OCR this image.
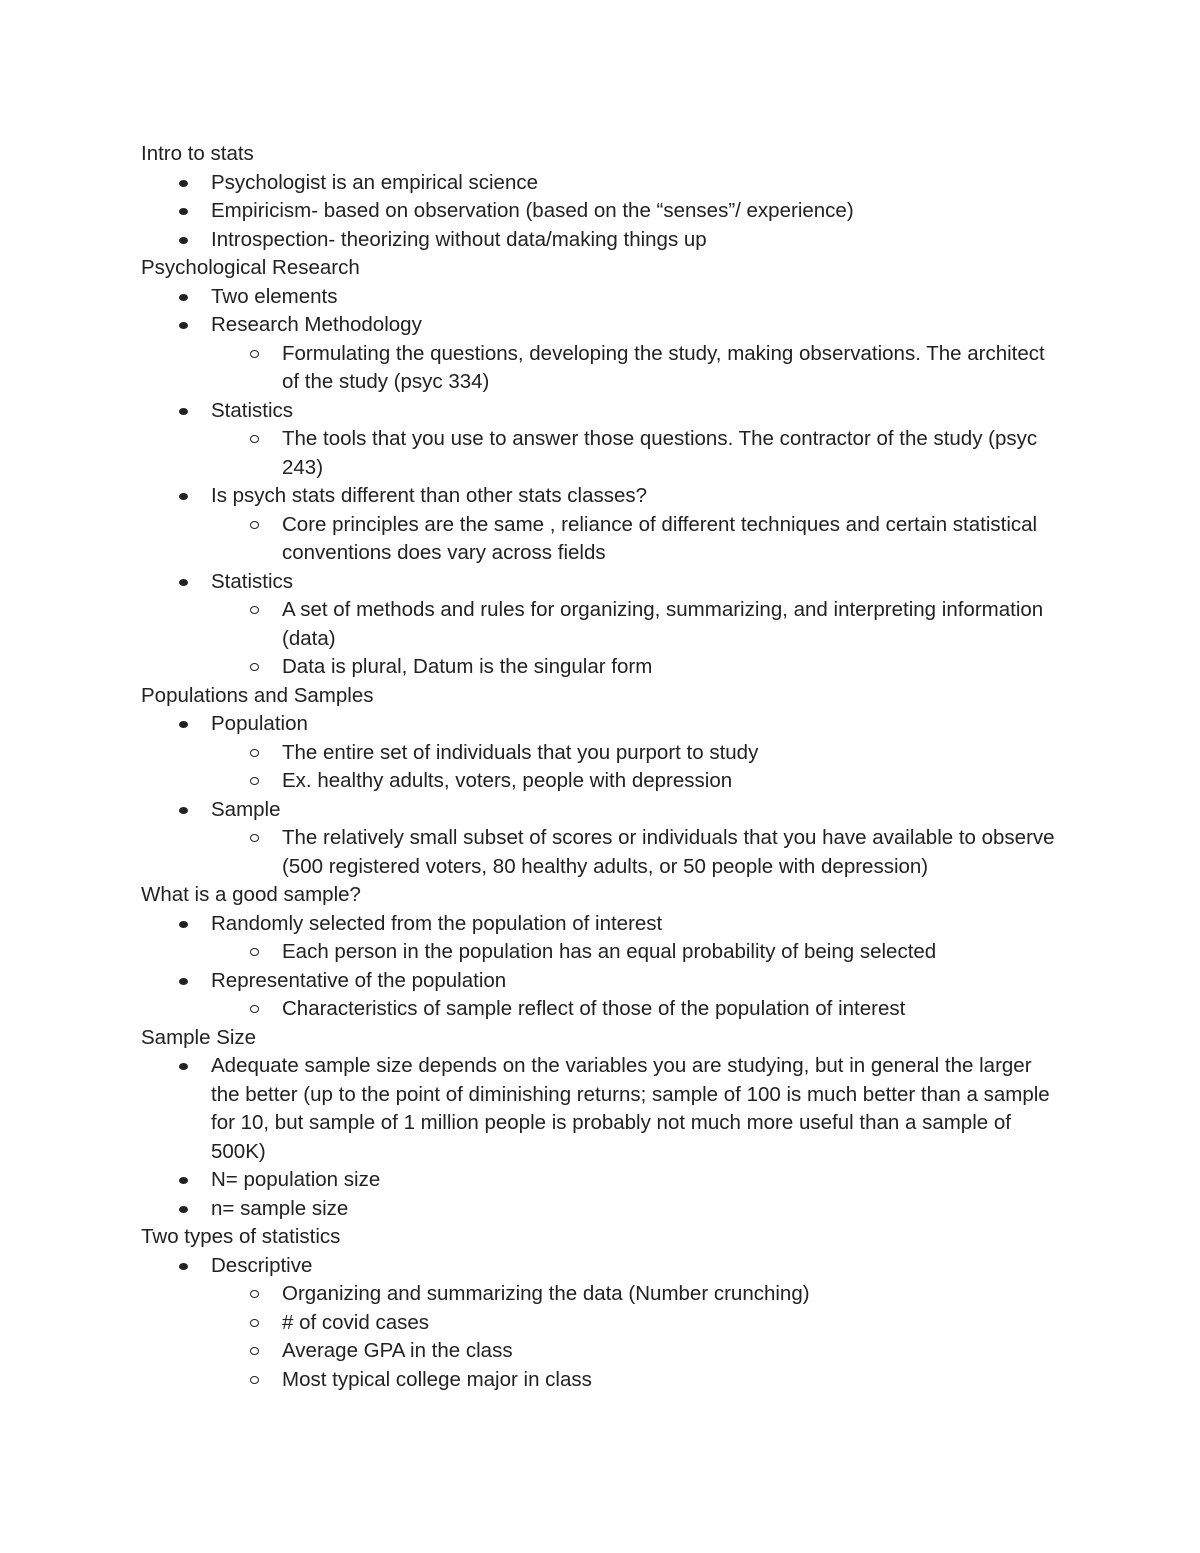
Intro to stats
Psychologist is an empirical science
Empiricism- based on observation (based on the “senses”/ experience)
Introspection- theorizing without data/making things up
Psychological Research
Two elements
Research Methodology
Formulating the questions, developing the study, making observations. The architect of the study (psyc 334)
Statistics
The tools that you use to answer those questions. The contractor of the study (psyc 243)
Is psych stats different than other stats classes?
Core principles are the same , reliance of different techniques and certain statistical conventions does vary across fields
Statistics
A set of methods and rules for organizing, summarizing, and interpreting information (data)
Data is plural, Datum is the singular form
Populations and Samples
Population
The entire set of individuals that you purport to study
Ex. healthy adults, voters, people with depression
Sample
The relatively small subset of scores or individuals that you have available to observe (500 registered voters, 80 healthy adults, or 50 people with depression)
What is a good sample?
Randomly selected from the population of interest
Each person in the population has an equal probability of being selected
Representative of the population
Characteristics of sample reflect of those of the population of interest
Sample Size
Adequate sample size depends on the variables you are studying, but in general the larger the better (up to the point of diminishing returns; sample of 100 is much better than a sample for 10, but sample of 1 million people is probably not much more useful than a sample of 500K)
N= population size
n= sample size
Two types of statistics
Descriptive
Organizing and summarizing the data (Number crunching)
# of covid cases
Average GPA in the class
Most typical college major in class
